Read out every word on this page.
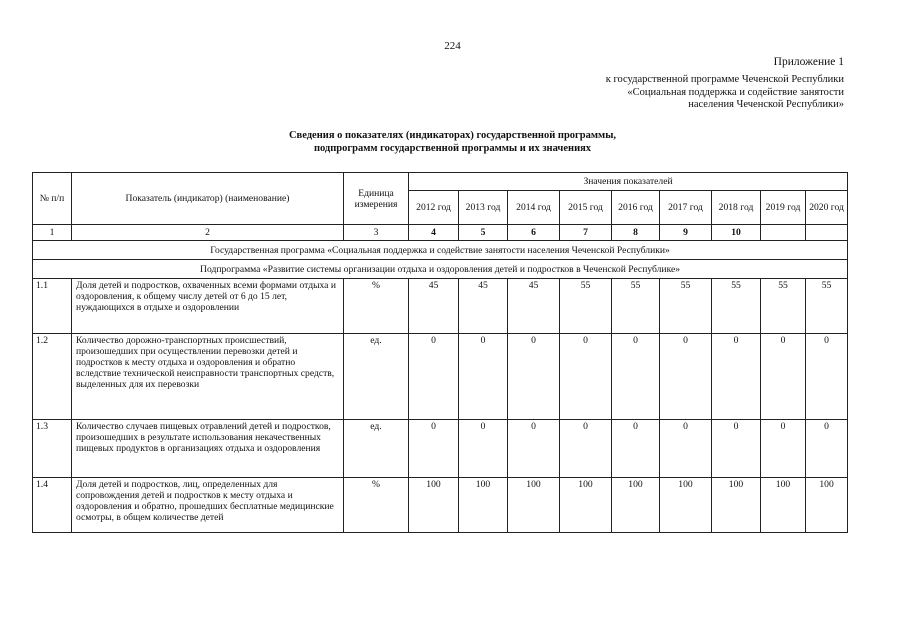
224
Приложение 1
к государственной программе Чеченской Республики
«Социальная поддержка и содействие занятости
населения Чеченской Республики»
Сведения о показателях (индикаторах) государственной программы,
подпрограмм государственной программы и их значениях
№ п/п	Показатель (индикатор) (наименование)	Единица измерения	Значения показателей								
			2012 год	2013 год	2014 год	2015 год	2016 год	2017 год	2018 год	2019 год	2020 год
1	2	3	4	5	6	7	8	9	10		
Государственная программа «Социальная поддержка и содействие занятости населения Чеченской Республики»											
Подпрограмма «Развитие системы организации отдыха и оздоровления детей и подростков в Чеченской Республике»											
1.1	Доля детей и подростков, охваченных всеми формами отдыха и оздоровления, к общему числу детей от 6 до 15 лет, нуждающихся в отдыхе и оздоровлении	%	45	45	45	55	55	55	55	55	55
1.2	Количество дорожно-транспортных происшествий, произошедших при осуществлении перевозки детей и подростков к месту отдыха и оздоровления и обратно вследствие технической неисправности транспортных средств, выделенных для их перевозки	ед.	0	0	0	0	0	0	0	0	0
1.3	Количество случаев пищевых отравлений детей и подростков, произошедших в результате использования некачественных пищевых продуктов в организациях отдыха и оздоровления	ед.	0	0	0	0	0	0	0	0	0
1.4	Доля детей и подростков, лиц, определенных для сопровождения детей и подростков к месту отдыха и оздоровления и обратно, прошедших бесплатные медицинские осмотры, в общем количестве детей	%	100	100	100	100	100	100	100	100	100
